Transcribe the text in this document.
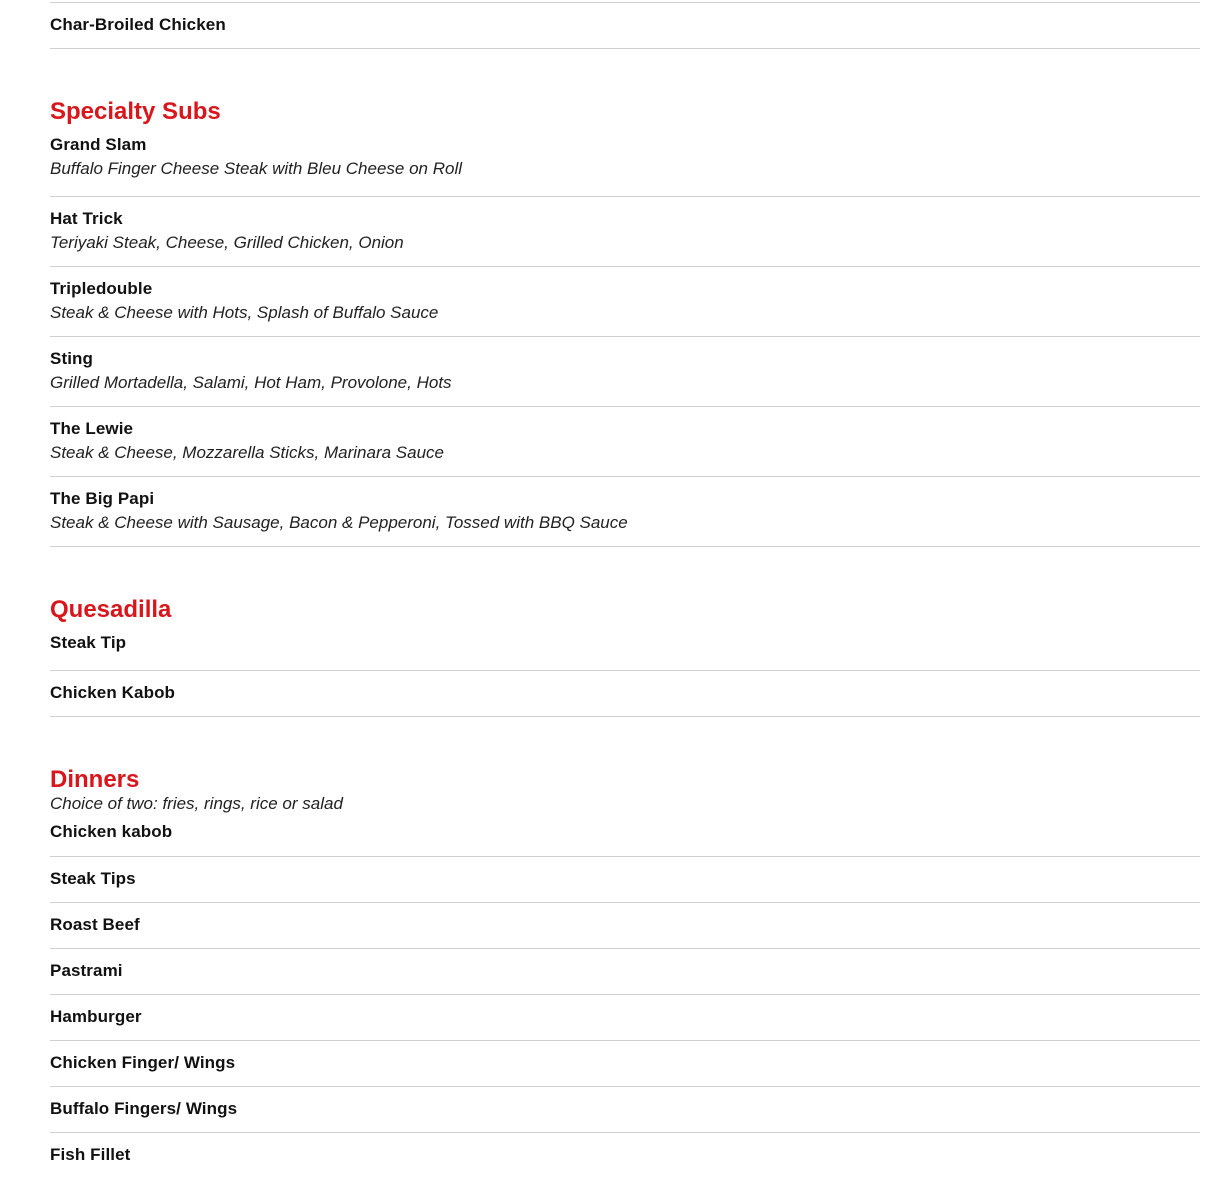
Char-Broiled Chicken
Specialty Subs
Grand Slam
Buffalo Finger Cheese Steak with Bleu Cheese on Roll
Hat Trick
Teriyaki Steak, Cheese, Grilled Chicken, Onion
Tripledouble
Steak & Cheese with Hots, Splash of Buffalo Sauce
Sting
Grilled Mortadella, Salami, Hot Ham, Provolone, Hots
The Lewie
Steak & Cheese, Mozzarella Sticks, Marinara Sauce
The Big Papi
Steak & Cheese with Sausage, Bacon & Pepperoni, Tossed with BBQ Sauce
Quesadilla
Steak Tip
Chicken Kabob
Dinners
Choice of two: fries, rings, rice or salad
Chicken kabob
Steak Tips
Roast Beef
Pastrami
Hamburger
Chicken Finger/ Wings
Buffalo Fingers/ Wings
Fish Fillet
